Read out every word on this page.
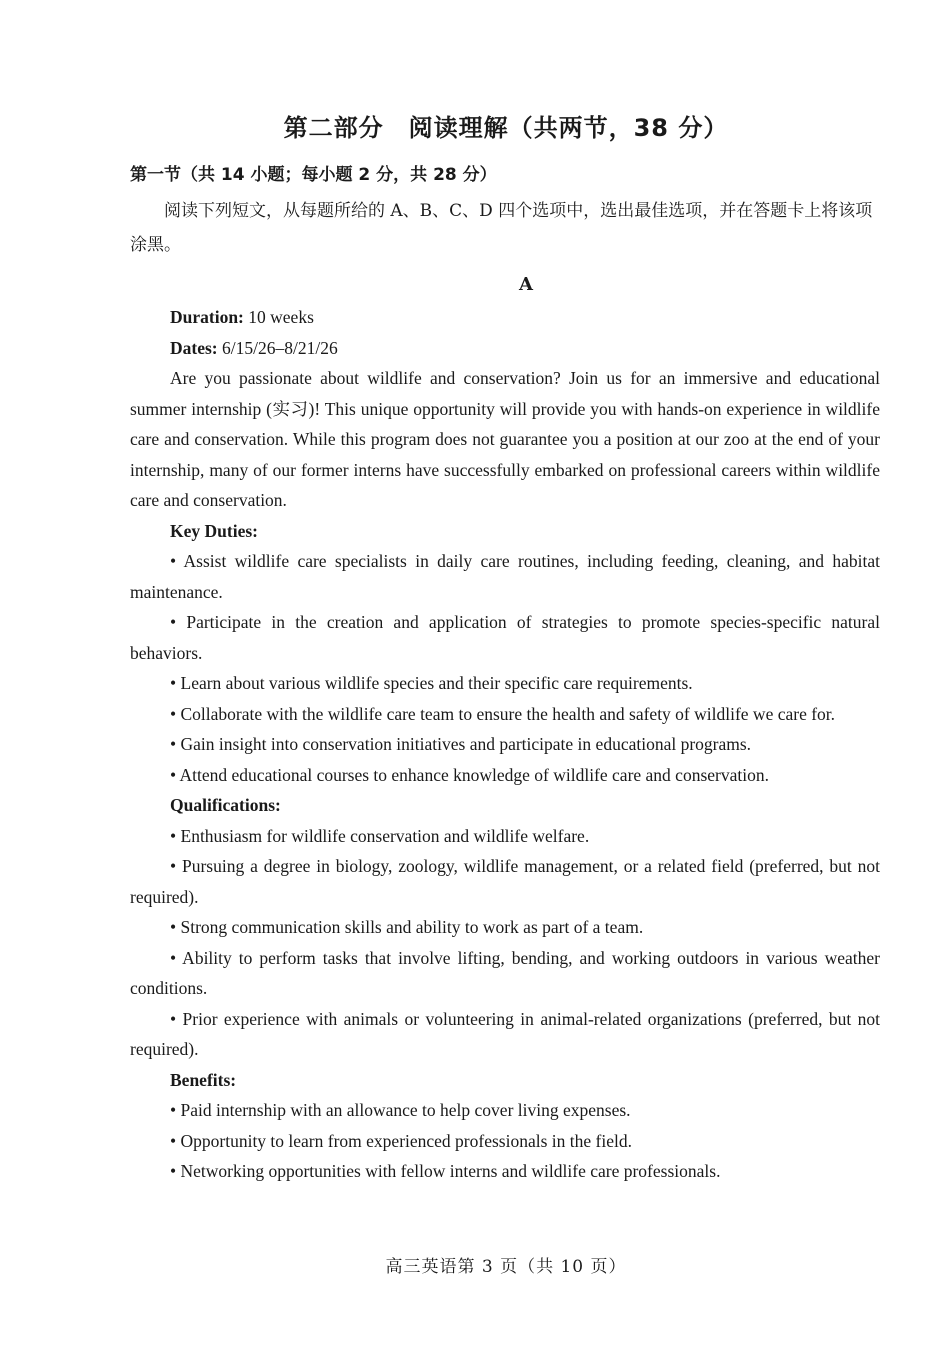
第二部分　阅读理解（共两节，38 分）
第一节（共 14 小题；每小题 2 分，共 28 分）
阅读下列短文，从每题所给的 A、B、C、D 四个选项中，选出最佳选项，并在答题卡上将该项涂黑。
A

Duration: 10 weeks

Dates: 6/15/26–8/21/26

Are you passionate about wildlife and conservation? Join us for an immersive and educational summer internship (实习)! This unique opportunity will provide you with hands-on experience in wildlife care and conservation. While this program does not guarantee you a position at our zoo at the end of your internship, many of our former interns have successfully embarked on professional careers within wildlife care and conservation.

Key Duties:

• Assist wildlife care specialists in daily care routines, including feeding, cleaning, and habitat maintenance.

• Participate in the creation and application of strategies to promote species-specific natural behaviors.

• Learn about various wildlife species and their specific care requirements.

• Collaborate with the wildlife care team to ensure the health and safety of wildlife we care for.

• Gain insight into conservation initiatives and participate in educational programs.

• Attend educational courses to enhance knowledge of wildlife care and conservation.

Qualifications:

• Enthusiasm for wildlife conservation and wildlife welfare.

• Pursuing a degree in biology, zoology, wildlife management, or a related field (preferred, but not required).

• Strong communication skills and ability to work as part of a team.

• Ability to perform tasks that involve lifting, bending, and working outdoors in various weather conditions.

• Prior experience with animals or volunteering in animal-related organizations (preferred, but not required).

Benefits:

• Paid internship with an allowance to help cover living expenses.

• Opportunity to learn from experienced professionals in the field.

• Networking opportunities with fellow interns and wildlife care professionals.

高三英语第 3 页（共 10 页）
